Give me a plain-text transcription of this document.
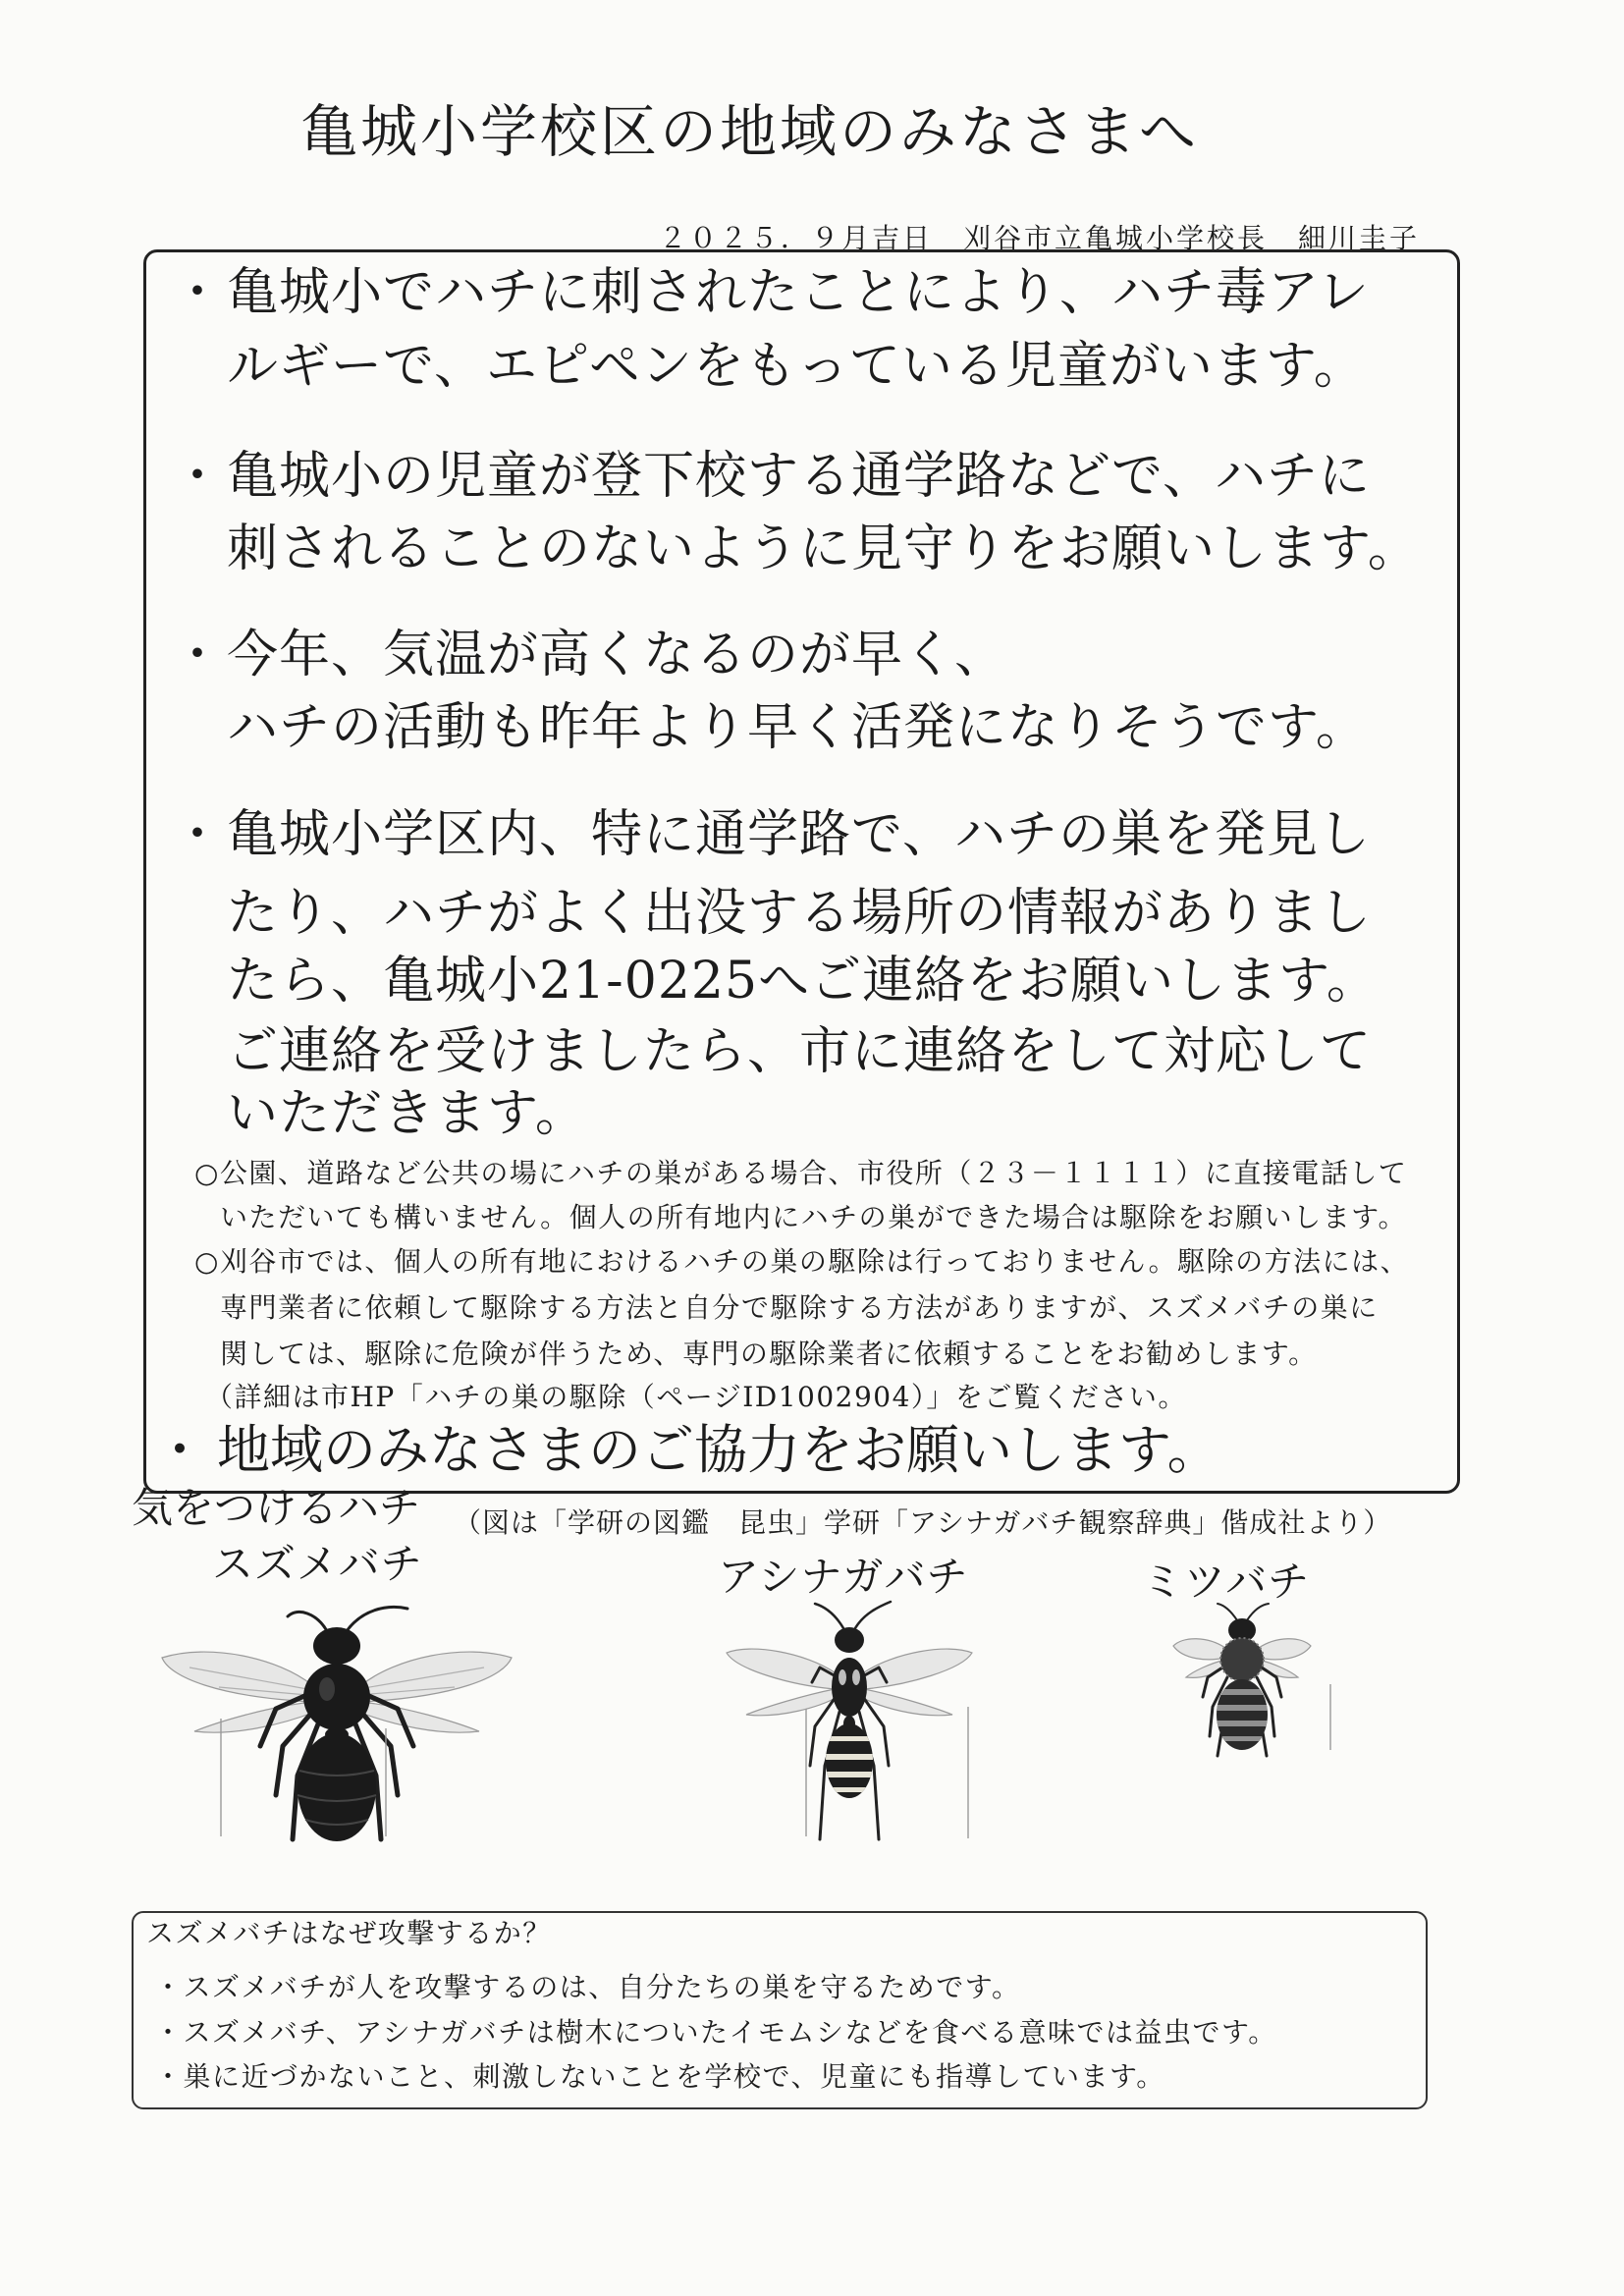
亀城小学校区の地域のみなさまへ
２０２５．９月吉日　刈谷市立亀城小学校長　細川圭子
・ 亀城小でハチに刺されたことにより、ハチ毒アレ
ルギーで、エピペンをもっている児童がいます。
・ 亀城小の児童が登下校する通学路などで、ハチに
刺されることのないように見守りをお願いします。
・ 今年、気温が高くなるのが早く、
ハチの活動も昨年より早く活発になりそうです。
・ 亀城小学区内、特に通学路で、ハチの巣を発見し
たり、ハチがよく出没する場所の情報がありまし
たら、亀城小21-0225へご連絡をお願いします。
ご連絡を受けましたら、市に連絡をして対応して
いただきます。
○公園、道路など公共の場にハチの巣がある場合、市役所（２３－１１１１）に直接電話して
いただいても構いません。個人の所有地内にハチの巣ができた場合は駆除をお願いします。
○刈谷市では、個人の所有地におけるハチの巣の駆除は行っておりません。駆除の方法には、
専門業者に依頼して駆除する方法と自分で駆除する方法がありますが、スズメバチの巣に
関しては、駆除に危険が伴うため、専門の駆除業者に依頼することをお勧めします。
（詳細は市HP「ハチの巣の駆除（ページID1002904）」をご覧ください。
・ 地域のみなさまのご協力をお願いします。
気をつけるハチ （図は「学研の図鑑　昆虫」学研「アシナガバチ観察辞典」偕成社より）
スズメバチ	アシナガバチ	ミツバチ
スズメバチはなぜ攻撃するか？
・スズメバチが人を攻撃するのは、自分たちの巣を守るためです。
・スズメバチ、アシナガバチは樹木についたイモムシなどを食べる意味では益虫です。
・巣に近づかないこと、刺激しないことを学校で、児童にも指導しています。
